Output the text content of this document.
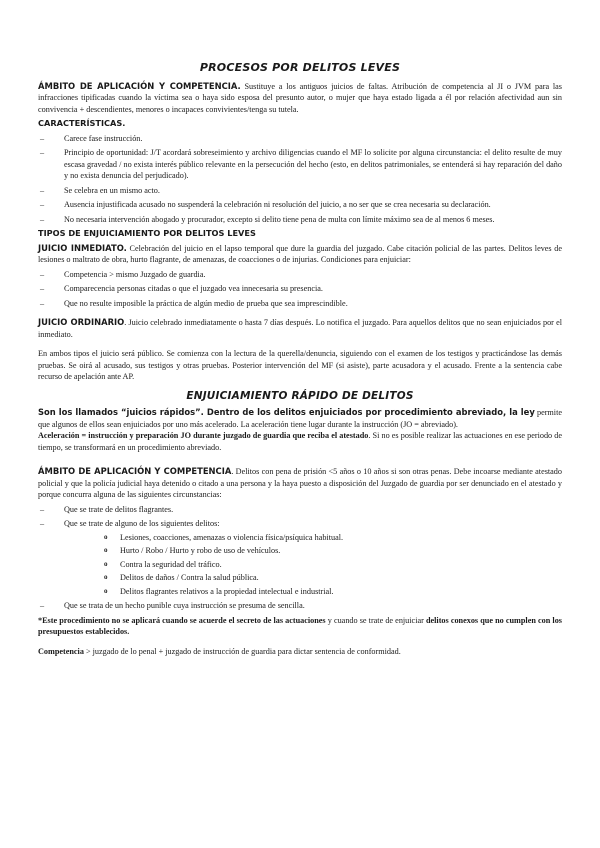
PROCESOS POR DELITOS LEVES

ÁMBITO DE APLICACIÓN Y COMPETENCIA. Sustituye a los antiguos juicios de faltas. Atribución de competencia al JI o JVM para las infracciones tipificadas cuando la víctima sea o haya sido esposa del presunto autor, o mujer que haya estado ligada a él por relación afectividad aun sin convivencia + descendientes, menores o incapaces convivientes/tenga su tutela.

CARACTERÍSTICAS.
– Carece fase instrucción.
– Principio de oportunidad: J/T acordará sobreseimiento y archivo diligencias cuando el MF lo solicite por alguna circunstancia: el delito resulte de muy escasa gravedad / no exista interés público relevante en la persecución del hecho (esto, en delitos patrimoniales, se entenderá si hay reparación del daño y no exista denuncia del perjudicado).
– Se celebra en un mismo acto.
– Ausencia injustificada acusado no suspenderá la celebración ni resolución del juicio, a no ser que se crea necesaria su declaración.
– No necesaria intervención abogado y procurador, excepto si delito tiene pena de multa con límite máximo sea de al menos 6 meses.
TIPOS DE ENJUICIAMIENTO POR DELITOS LEVES

JUICIO INMEDIATO. Celebración del juicio en el lapso temporal que dure la guardia del juzgado. Cabe citación policial de las partes. Delitos leves de lesiones o maltrato de obra, hurto flagrante, de amenazas, de coacciones o de injurias. Condiciones para enjuiciar:

– Competencia > mismo Juzgado de guardia.
– Comparecencia personas citadas o que el juzgado vea innecesaria su presencia.
– Que no resulte imposible la práctica de algún medio de prueba que sea imprescindible.

JUICIO ORDINARIO. Juicio celebrado inmediatamente o hasta 7 días después. Lo notifica el juzgado. Para aquellos delitos que no sean enjuiciados por el inmediato.

En ambos tipos el juicio será público. Se comienza con la lectura de la querella/denuncia, siguiendo con el examen de los testigos y practicándose las demás pruebas. Se oirá al acusado, sus testigos y otras pruebas. Posterior intervención del MF (si asiste), parte acusadora y el acusado. Frente a la sentencia cabe recurso de apelación ante AP.

ENJUICIAMIENTO RÁPIDO DE DELITOS

Son los llamados “juicios rápidos”. Dentro de los delitos enjuiciados por procedimiento abreviado, la ley permite que algunos de ellos sean enjuiciados por uno más acelerado. La aceleración tiene lugar durante la instrucción (JO = abreviado).
Aceleración = instrucción y preparación JO durante juzgado de guardia que reciba el atestado. Si no es posible realizar las actuaciones en ese periodo de tiempo, se transformará en un procedimiento abreviado.

ÁMBITO DE APLICACIÓN Y COMPETENCIA. Delitos con pena de prisión <5 años o 10 años si son otras penas. Debe incoarse mediante atestado policial y que la policía judicial haya detenido o citado a una persona y la haya puesto a disposición del Juzgado de guardia por ser denunciado en el atestado y porque concurra alguna de las siguientes circunstancias:

– Que se trate de delitos flagrantes.
– Que se trate de alguno de los siguientes delitos:
o Lesiones, coacciones, amenazas o violencia física/psíquica habitual.
o Hurto / Robo / Hurto y robo de uso de vehículos.
o Contra la seguridad del tráfico.
o Delitos de daños / Contra la salud pública.
o Delitos flagrantes relativos a la propiedad intelectual e industrial.
– Que se trata de un hecho punible cuya instrucción se presuma de sencilla.

*Este procedimiento no se aplicará cuando se acuerde el secreto de las actuaciones y cuando se trate de enjuiciar delitos conexos que no cumplen con los presupuestos establecidos.

Competencia > juzgado de lo penal + juzgado de instrucción de guardia para dictar sentencia de conformidad.
